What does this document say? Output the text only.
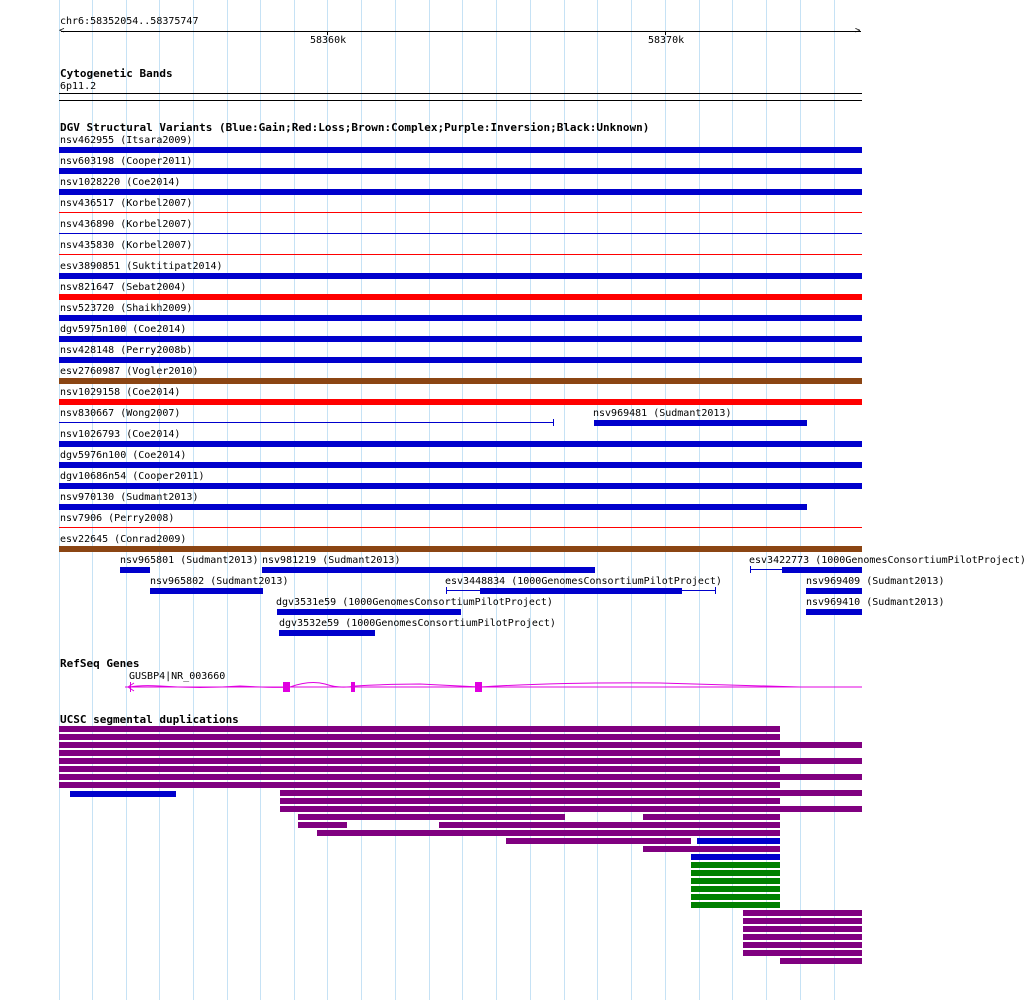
chr6:58352054..58375747
<	>
58360k	58370k
Cytogenetic Bands
6p11.2
DGV Structural Variants (Blue:Gain;Red:Loss;Brown:Complex;Purple:Inversion;Black:Unknown)
nsv462955 (Itsara2009)
nsv603198 (Cooper2011)
nsv1028220 (Coe2014)
nsv436517 (Korbel2007)
nsv436890 (Korbel2007)
nsv435830 (Korbel2007)
esv3890851 (Suktitipat2014)
nsv821647 (Sebat2004)
nsv523720 (Shaikh2009)
dgv5975n100 (Coe2014)
nsv428148 (Perry2008b)
esv2760987 (Vogler2010)
nsv1029158 (Coe2014)
nsv830667 (Wong2007)
nsv1026793 (Coe2014)
dgv5976n100 (Coe2014)
dgv10686n54 (Cooper2011)
nsv970130 (Sudmant2013)
nsv7906 (Perry2008)
esv22645 (Conrad2009)
nsv969481 (Sudmant2013)
nsv965801 (Sudmant2013) nsv981219 (Sudmant2013)	esv3422773 (1000GenomesConsortiumPilotProject)
nsv965802 (Sudmant2013)	esv3448834 (1000GenomesConsortiumPilotProject)	nsv969409 (Sudmant2013)
dgv3531e59 (1000GenomesConsortiumPilotProject)	nsv969410 (Sudmant2013)
dgv3532e59 (1000GenomesConsortiumPilotProject)
RefSeq Genes
GUSBP4|NR_003660
UCSC segmental duplications
